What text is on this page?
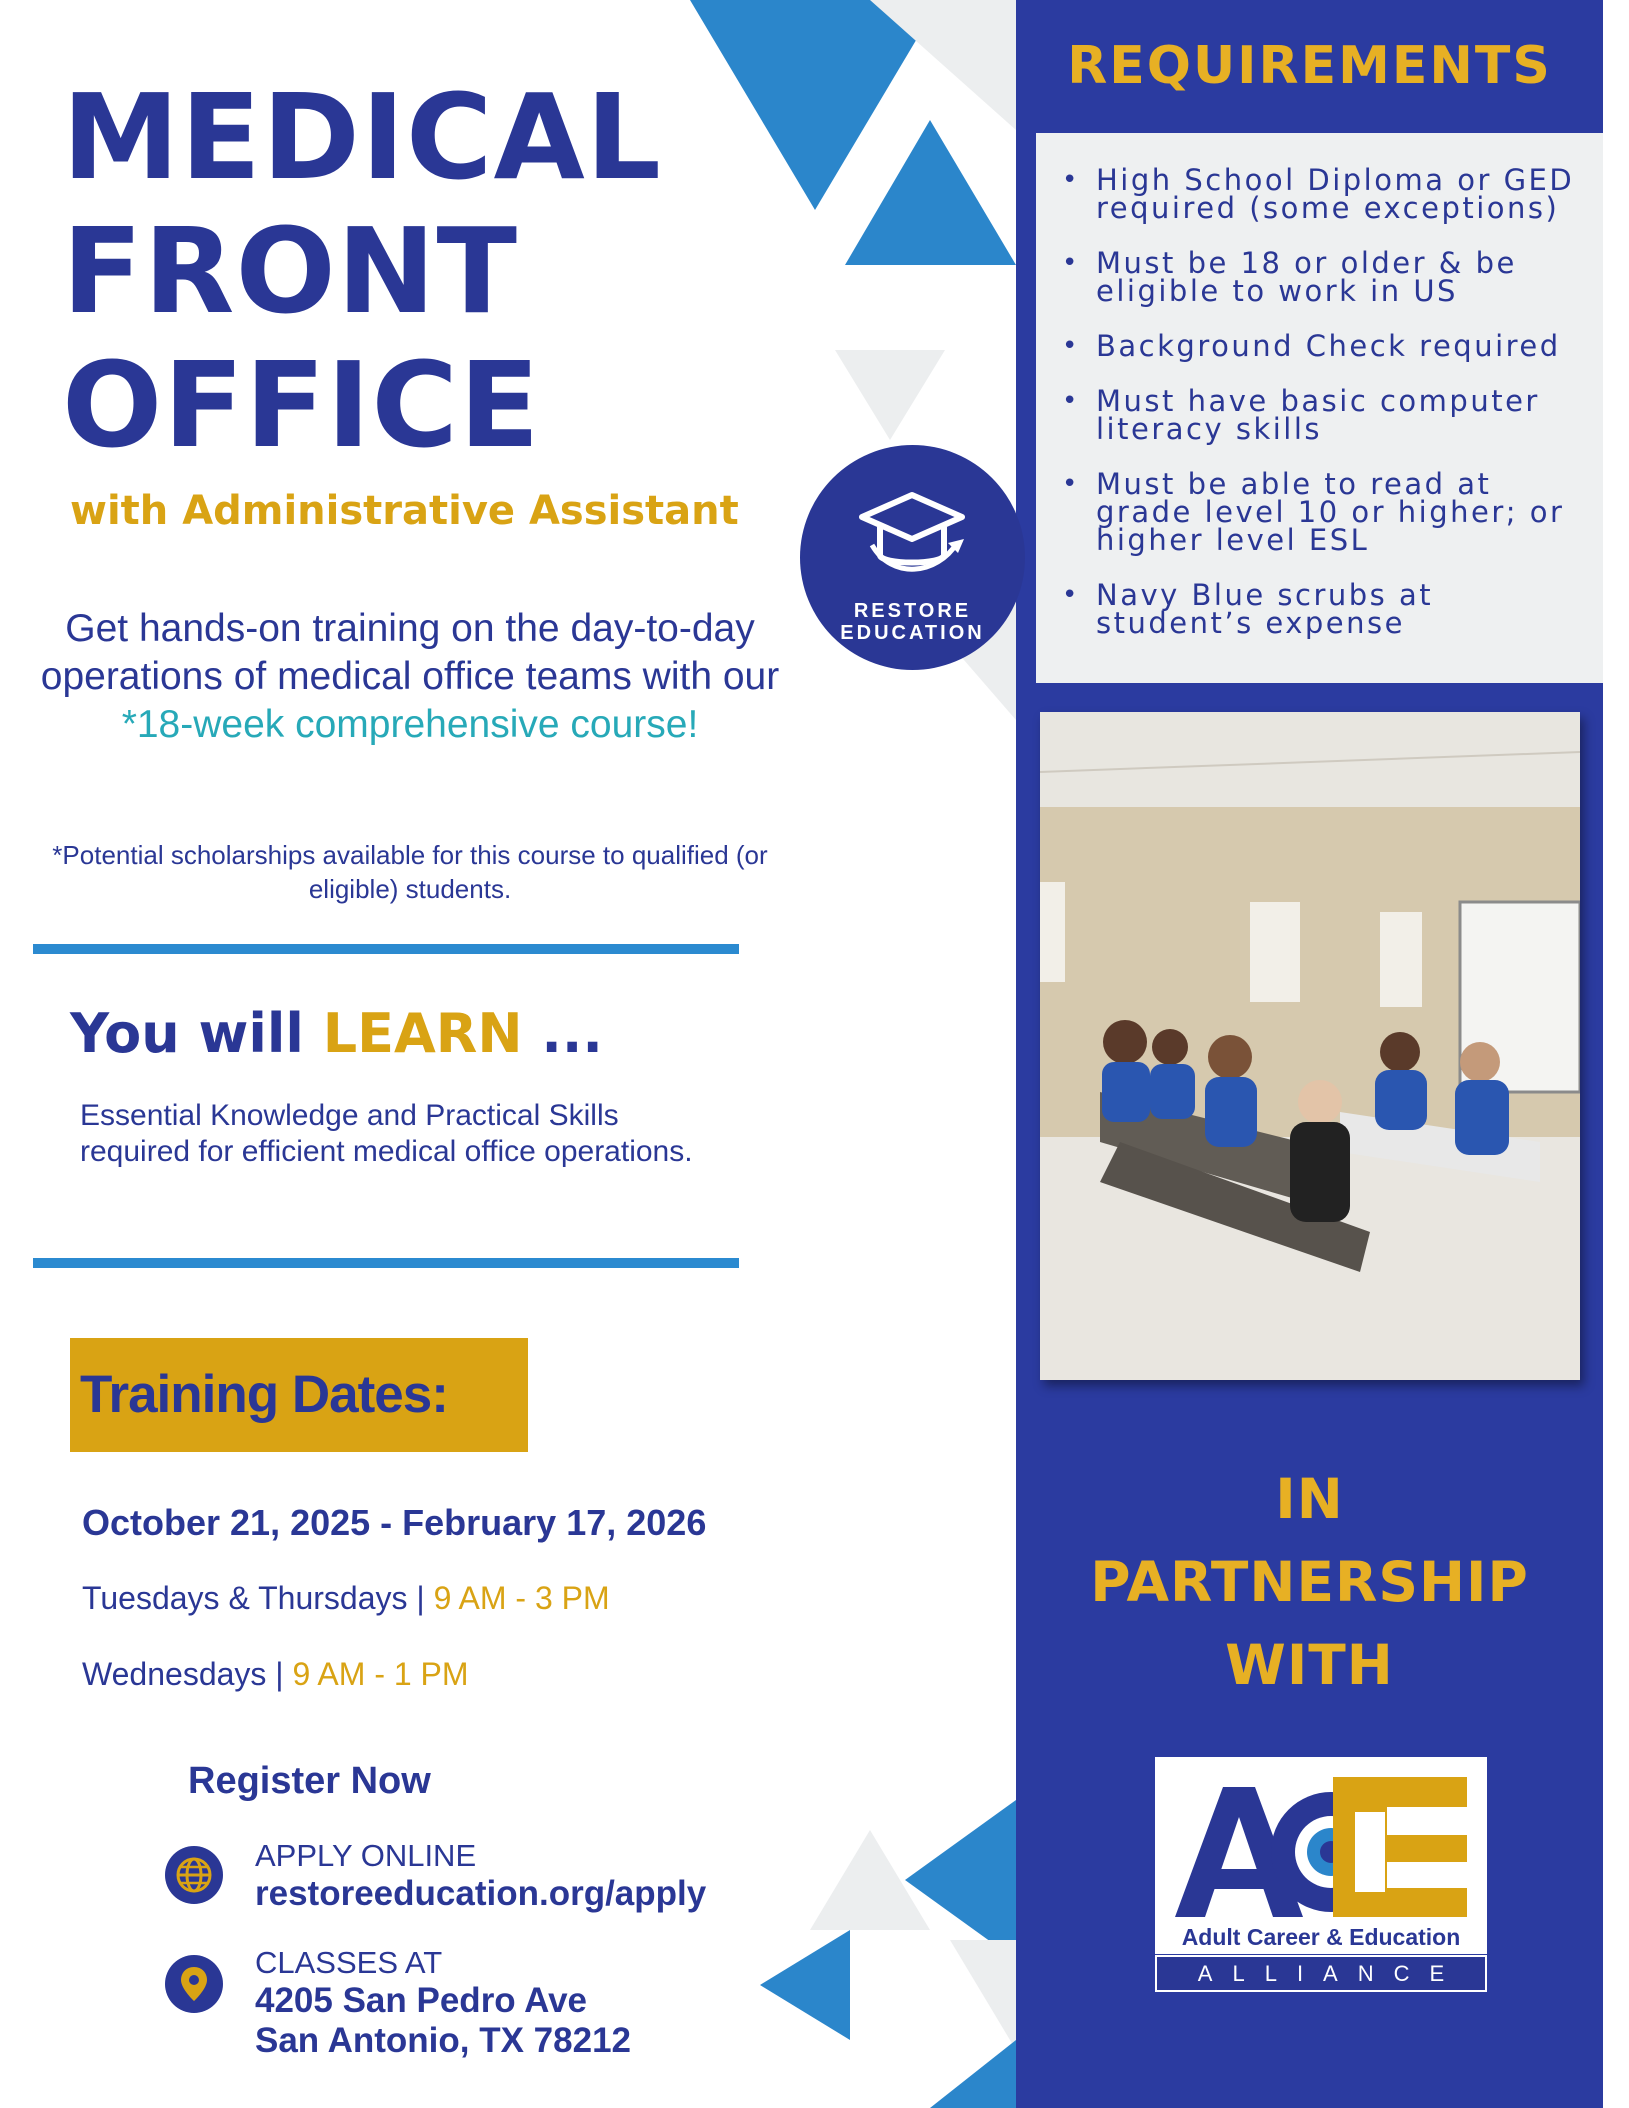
MEDICAL
FRONT
OFFICE
with Administrative Assistant
Get hands-on training on the day-to-day operations of medical office teams with our
*18-week comprehensive course!
*Potential scholarships available for this course to qualified (or eligible) students.
You will LEARN ...
Essential Knowledge and Practical Skills required for efficient medical office operations.
Training Dates:
October 21, 2025 - February 17, 2026
Tuesdays & Thursdays | 9 AM - 3 PM
Wednesdays | 9 AM - 1 PM
Register Now
APPLY ONLINE
restoreeducation.org/apply
CLASSES AT
4205 San Pedro Ave
San Antonio, TX 78212
REQUIREMENTS
• High School Diploma or GED required (some exceptions)
• Must be 18 or older & be eligible to work in US
• Background Check required
• Must have basic computer literacy skills
• Must be able to read at grade level 10 or higher; or higher level ESL
• Navy Blue scrubs at student’s expense
RESTORE
EDUCATION
IN
PARTNERSHIP
WITH
ACE
Adult Career & Education
ALLIANCE
